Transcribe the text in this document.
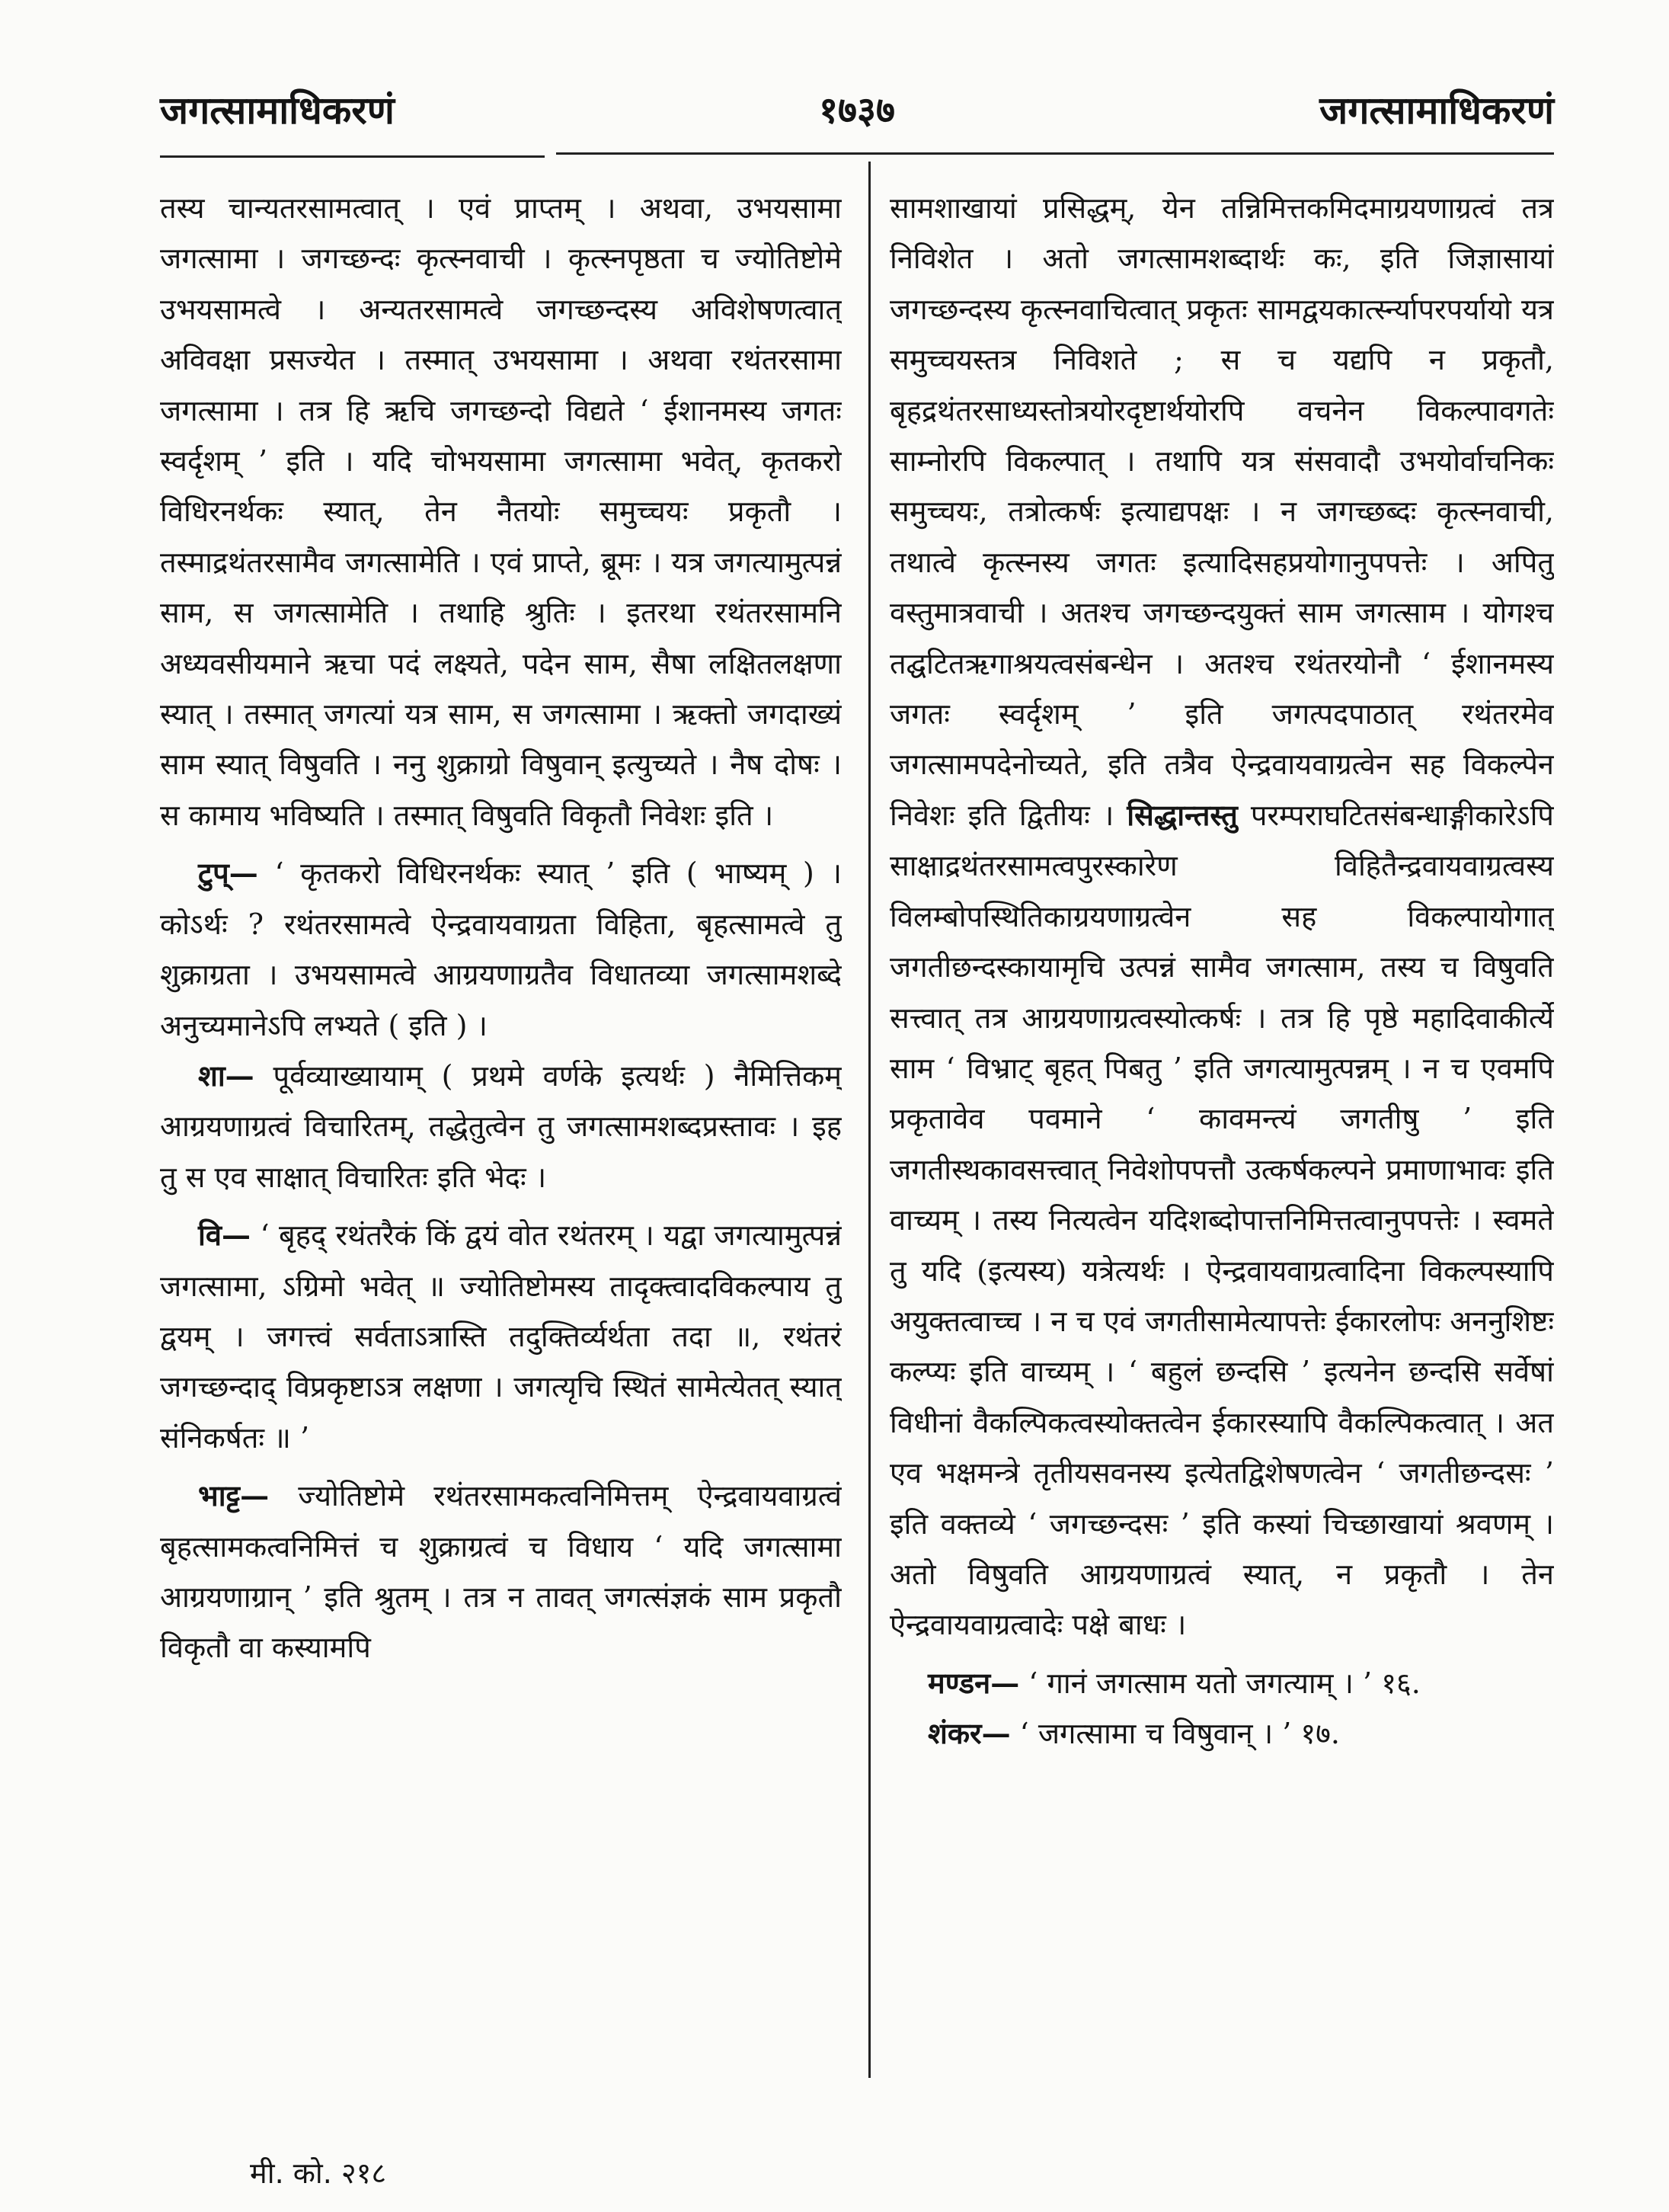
जगत्सामाधिकरणं	१७३७	जगत्सामाधिकरणं

तस्य चान्यतरसामत्वात् । एवं प्राप्तम् । अथवा, उभयसामा जगत्सामा । जगच्छन्दः कृत्स्नवाची । कृत्स्नपृष्ठता च ज्योतिष्टोमे उभयसामत्वे । अन्यतरसामत्वे जगच्छन्दस्य अविशेषणत्वात् अविवक्षा प्रसज्येत । तस्मात् उभयसामा । अथवा रथंतरसामा जगत्सामा । तत्र हि ऋचि जगच्छन्दो विद्यते ‘ ईशानमस्य जगतः स्वर्दृशम् ’ इति । यदि चोभयसामा जगत्सामा भवेत्, कृतकरो विधिरनर्थकः स्यात्, तेन नैतयोः समुच्चयः प्रकृतौ । तस्माद्रथंतरसामैव जगत्सामेति । एवं प्राप्ते, ब्रूमः । यत्र जगत्यामुत्पन्नं साम, स जगत्सामेति । तथाहि श्रुतिः । इतरथा रथंतरसामनि अध्यवसीयमाने ऋचा पदं लक्ष्यते, पदेन साम, सैषा लक्षितलक्षणा स्यात् । तस्मात् जगत्यां यत्र साम, स जगत्सामा । ऋक्तो जगदाख्यं साम स्यात् विषुवति । ननु शुक्राग्रो विषुवान् इत्युच्यते । नैष दोषः । स कामाय भविष्यति । तस्मात् विषुवति विकृतौ निवेशः इति ।

टुप्— ‘ कृतकरो विधिरनर्थकः स्यात् ’ इति ( भाष्यम् ) । कोऽर्थः ? रथंतरसामत्वे ऐन्द्रवायवाग्रता विहिता, बृहत्सामत्वे तु शुक्राग्रता । उभयसामत्वे आग्रयणाग्रतैव विधातव्या जगत्सामशब्दे अनुच्यमानेऽपि लभ्यते ( इति ) ।

शा— पूर्वव्याख्यायाम् ( प्रथमे वर्णके इत्यर्थः ) नैमित्तिकम् आग्रयणाग्रत्वं विचारितम्, तद्धेतुत्वेन तु जगत्सामशब्दप्रस्तावः । इह तु स एव साक्षात् विचारितः इति भेदः ।

वि— ‘ बृहद् रथंतरैकं किं द्वयं वोत रथंतरम् । यद्वा जगत्यामुत्पन्नं जगत्सामा, ऽग्रिमो भवेत् ॥ ज्योतिष्टोमस्य तादृक्त्वादविकल्पाय तु द्वयम् । जगत्त्वं सर्वताऽत्रास्ति तदुक्तिर्व्यर्थता तदा ॥, रथंतरं जगच्छन्दाद् विप्रकृष्टाऽत्र लक्षणा । जगत्यृचि स्थितं सामेत्येतत् स्यात् संनिकर्षतः ॥ ’

भाट्ट— ज्योतिष्टोमे रथंतरसामकत्वनिमित्तम् ऐन्द्रवायवाग्रत्वं बृहत्सामकत्वनिमित्तं च शुक्राग्रत्वं च विधाय ‘ यदि जगत्सामा आग्रयणाग्रान् ’ इति श्रुतम् । तत्र न तावत् जगत्संज्ञकं साम प्रकृतौ विकृतौ वा कस्यामपि

सामशाखायां प्रसिद्धम्, येन तन्निमित्तकमिदमाग्रयणाग्रत्वं तत्र निविशेत । अतो जगत्सामशब्दार्थः कः, इति जिज्ञासायां जगच्छन्दस्य कृत्स्नवाचित्वात् प्रकृतः सामद्वयकार्त्स्न्यापरपर्यायो यत्र समुच्चयस्तत्र निविशते ; स च यद्यपि न प्रकृतौ, बृहद्रथंतरसाध्यस्तोत्रयोरदृष्टार्थयोरपि वचनेन विकल्पावगतेः साम्नोरपि विकल्पात् । तथापि यत्र संसवादौ उभयोर्वाचनिकः समुच्चयः, तत्रोत्कर्षः इत्याद्यपक्षः । न जगच्छब्दः कृत्स्नवाची, तथात्वे कृत्स्नस्य जगतः इत्यादिसहप्रयोगानुपपत्तेः । अपितु वस्तुमात्रवाची । अतश्च जगच्छन्दयुक्तं साम जगत्साम । योगश्च तद्घटितऋगाश्रयत्वसंबन्धेन । अतश्च रथंतरयोनौ ‘ ईशानमस्य जगतः स्वर्दृशम् ’ इति जगत्पदपाठात् रथंतरमेव जगत्सामपदेनोच्यते, इति तत्रैव ऐन्द्रवायवाग्रत्वेन सह विकल्पेन निवेशः इति द्वितीयः । सिद्धान्तस्तु परम्पराघटितसंबन्धाङ्गीकारेऽपि साक्षाद्रथंतरसामत्वपुरस्कारेण विहितैन्द्रवायवाग्रत्वस्य विलम्बोपस्थितिकाग्रयणाग्रत्वेन सह विकल्पायोगात् जगतीछन्दस्कायामृचि उत्पन्नं सामैव जगत्साम, तस्य च विषुवति सत्त्वात् तत्र आग्रयणाग्रत्वस्योत्कर्षः । तत्र हि पृष्ठे महादिवाकीर्त्ये साम ‘ विभ्राट् बृहत् पिबतु ’ इति जगत्यामुत्पन्नम् । न च एवमपि प्रकृतावेव पवमाने ‘ कावमन्त्यं जगतीषु ’ इति जगतीस्थकावसत्त्वात् निवेशोपपत्तौ उत्कर्षकल्पने प्रमाणाभावः इति वाच्यम् । तस्य नित्यत्वेन यदिशब्दोपात्तनिमित्तत्वानुपपत्तेः । स्वमते तु यदि (इत्यस्य) यत्रेत्यर्थः । ऐन्द्रवायवाग्रत्वादिना विकल्पस्यापि अयुक्तत्वाच्च । न च एवं जगतीसामेत्यापत्तेः ईकारलोपः अननुशिष्टः कल्प्यः इति वाच्यम् । ‘ बहुलं छन्दसि ’ इत्यनेन छन्दसि सर्वेषां विधीनां वैकल्पिकत्वस्योक्तत्वेन ईकारस्यापि वैकल्पिकत्वात् । अत एव भक्षमन्त्रे तृतीयसवनस्य इत्येतद्विशेषणत्वेन ‘ जगतीछन्दसः ’ इति वक्तव्ये ‘ जगच्छन्दसः ’ इति कस्यां चिच्छाखायां श्रवणम् । अतो विषुवति आग्रयणाग्रत्वं स्यात्, न प्रकृतौ । तेन ऐन्द्रवायवाग्रत्वादेः पक्षे बाधः ।

मण्डन— ‘ गानं जगत्साम यतो जगत्याम् । ’ १६.

शंकर— ‘ जगत्सामा च विषुवान् । ’ १७.

मी. को. २१८
